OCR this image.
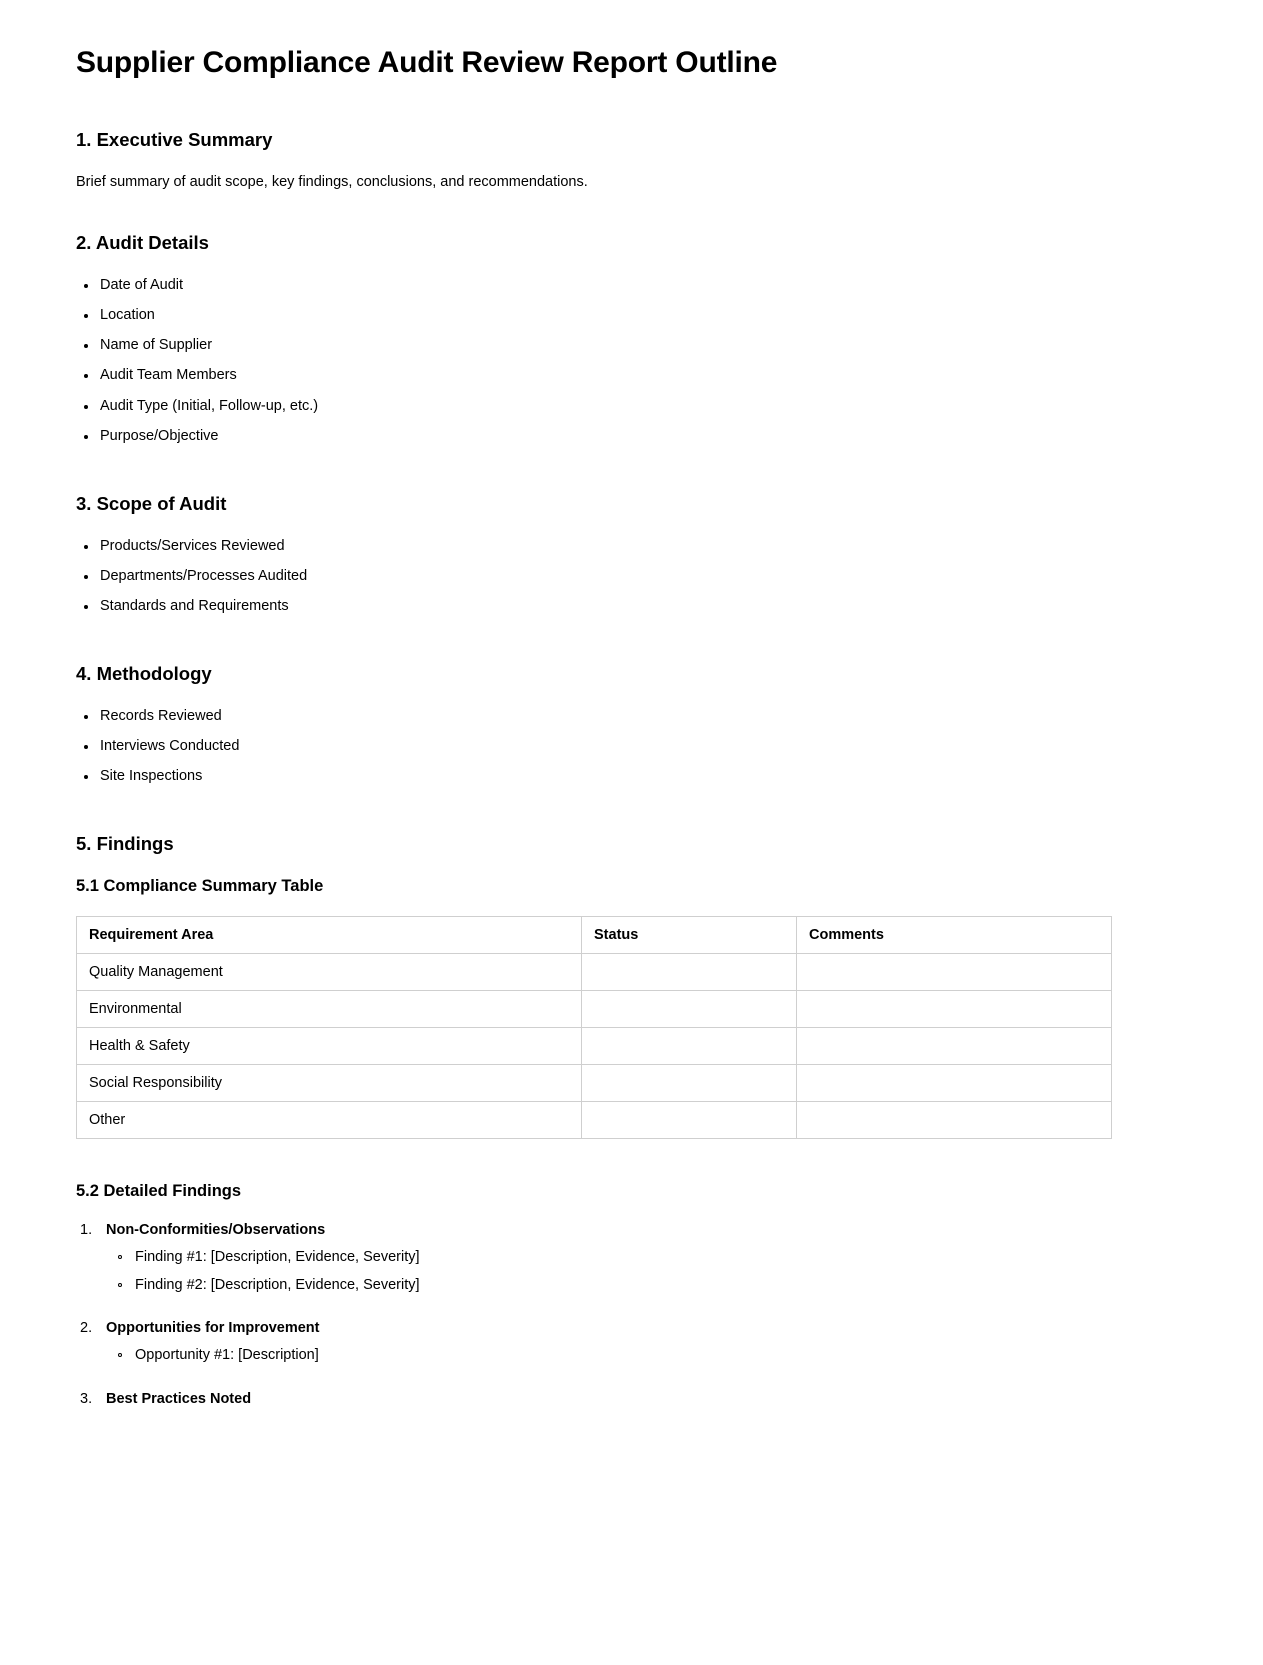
Supplier Compliance Audit Review Report Outline
1. Executive Summary

Brief summary of audit scope, key findings, conclusions, and recommendations.

2. Audit Details
Date of Audit
Location
Name of Supplier
Audit Team Members
Audit Type (Initial, Follow-up, etc.)
Purpose/Objective
3. Scope of Audit
Products/Services Reviewed
Departments/Processes Audited
Standards and Requirements
4. Methodology
Records Reviewed
Interviews Conducted
Site Inspections
5. Findings
5.1 Compliance Summary Table
Requirement Area	Status	Comments
Quality Management		
Environmental		
Health & Safety		
Social Responsibility		
Other		
5.2 Detailed Findings
Non-Conformities/Observations
Finding #1: [Description, Evidence, Severity]
Finding #2: [Description, Evidence, Severity]
Opportunities for Improvement
Opportunity #1: [Description]
Best Practices Noted
